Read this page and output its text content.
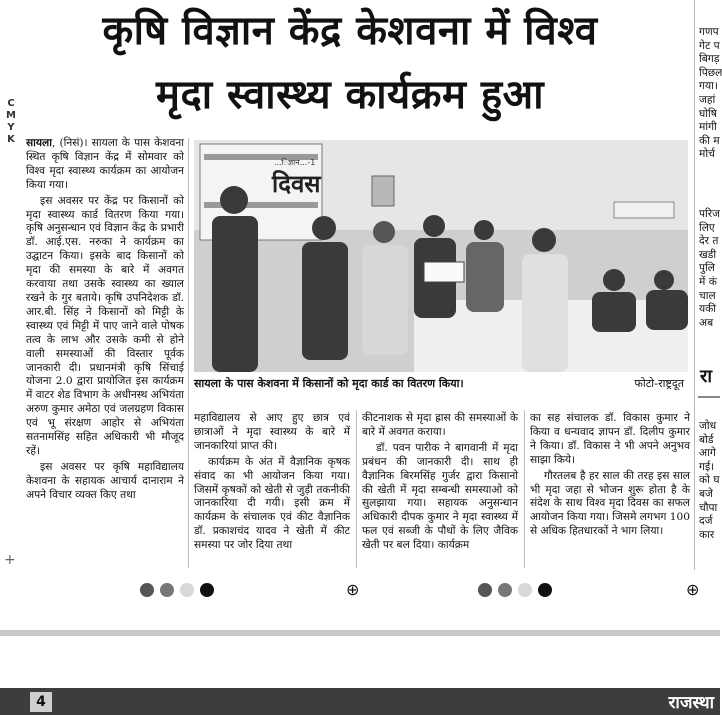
C
M
Y
K
कृषि विज्ञान केंद्र केशवना में विश्व
मृदा स्वास्थ्य कार्यक्रम हुआ

सायला, (निसं)। सायला के पास केशवना स्थित कृषि विज्ञान केंद्र में सोमवार को विश्व मृदा स्वास्थ्य कार्यक्रम का आयोजन किया गया।

इस अवसर पर केंद्र पर किसानों को मृदा स्वास्थ्य कार्ड वितरण किया गया। कृषि अनुसन्धान एवं विज्ञान केंद्र के प्रभारी डॉ. आई.एस. नरुका ने कार्यक्रम का उद्घाटन किया। इसके बाद किसानों को मृदा की समस्या के बारे में अवगत करवाया तथा उसके स्वास्थ्य का ख्याल रखने के गुर बताये। कृषि उपनिदेशक डॉ. आर.बी. सिंह ने किसानों को मिट्टी के स्वास्थ्य एवं मिट्टी में पाए जाने वाले पोषक तत्व के लाभ और उसके कमी से होने वाली समस्याओं की विस्तार पूर्वक जानकारी दी। प्रधानमंत्री कृषि सिंचाई योजना 2.0 द्वारा प्रायोजित इस कार्यक्रम में वाटर शेड विभाग के अधीनस्थ अभियंता अरुण कुमार अमेठा एवं जलग्रहण विकास एवं भू संरक्षण आहोर से अभियंता सतनामसिंह सहित अधिकारी भी मौजूद रहें।

इस अवसर पर कृषि महाविद्यालय केशवना के सहायक आचार्य दानाराम ने अपने विचार व्यक्त किए तथा

दिवस
...िज्ञान...-1
सायला के पास केशवना में किसानों को मृदा कार्ड का वितरण किया।	फोटो-राष्ट्रदूत

महाविद्यालय से आए हुए छात्र एवं छात्राओं ने मृदा स्वास्थ्य के बारे में जानकारियां प्राप्त की।

कार्यक्रम के अंत में वैज्ञानिक कृषक संवाद का भी आयोजन किया गया। जिसमें कृषकों को खेती से जुड़ी तकनीकी जानकारिया दी गयी। इसी क्रम में कार्यक्रम के संचालक एवं कीट वैज्ञानिक डॉ. प्रकाशचंद यादव ने खेती में कीट समस्या पर जोर दिया तथा

कीटनाशक से मृदा ह्रास की समस्याओं के बारे में अवगत कराया।

डॉ. पवन पारीक ने बागवानी में मृदा प्रबंधन की जानकारी दी। साथ ही वैज्ञानिक बिरमसिंह गुर्जर द्वारा किसानो की खेती में मृदा सम्बन्धी समस्याओ को सुलझाया गया। सहायक अनुसन्धान अधिकारी दीपक कुमार ने मृदा स्वास्थ्य में फल एवं सब्जी के पौधों के लिए जैविक खेती पर बल दिया। कार्यक्रम

का सह संचालक डॉ. विकास कुमार ने किया व धन्यवाद ज्ञापन डॉ. दिलीप कुमार ने किया। डॉ. विकास ने भी अपने अनुभव साझा किये।

गौरतलब है हर साल की तरह इस साल भी मृदा जहा से भोजन शुरू होता है के संदेश के साथ विश्व मृदा दिवस का सफल आयोजन किया गया। जिसमे लगभग 100 से अधिक हितधारकों ने भाग लिया।

गणप
गेट प
बिगड़
पिछल
गया।
जहां
घोषि
मांगी
की म
मोर्च
परिज
लिए
देर त
खडी
पुलि
में कं
चाल
यकी
अब
रा
जोध
बोर्ड
आगे
गई।
को घ
बजे
चौपा
दर्ज
कार
⊕	⊕
+
4	राजस्था
